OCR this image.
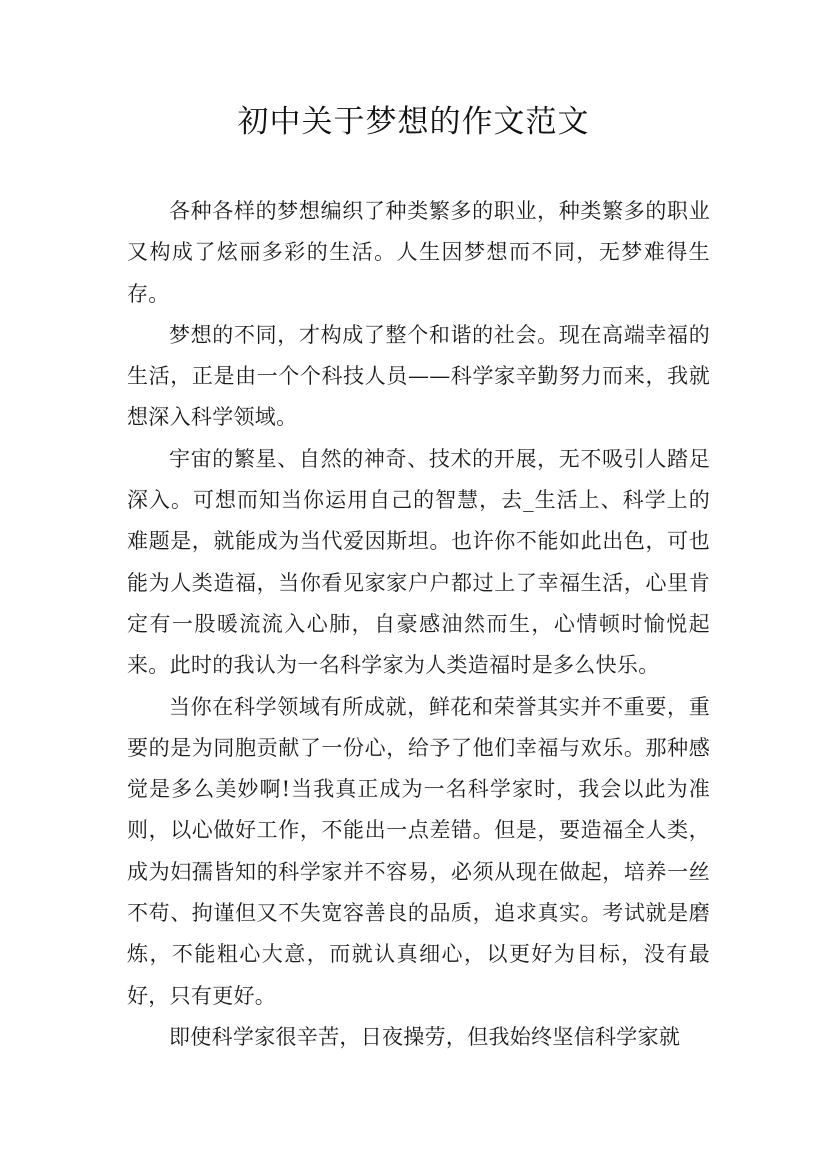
初中关于梦想的作文范文

各种各样的梦想编织了种类繁多的职业，种类繁多的职业又构成了炫丽多彩的生活。人生因梦想而不同，无梦难得生存。

梦想的不同，才构成了整个和谐的社会。现在高端幸福的生活，正是由一个个科技人员——科学家辛勤努力而来，我就想深入科学领域。

宇宙的繁星、自然的神奇、技术的开展，无不吸引人踏足深入。可想而知当你运用自己的智慧，去_生活上、科学上的难题是，就能成为当代爱因斯坦。也许你不能如此出色，可也能为人类造福，当你看见家家户户都过上了幸福生活，心里肯定有一股暖流流入心肺，自豪感油然而生，心情顿时愉悦起来。此时的我认为一名科学家为人类造福时是多么快乐。

当你在科学领域有所成就，鲜花和荣誉其实并不重要，重要的是为同胞贡献了一份心，给予了他们幸福与欢乐。那种感觉是多么美妙啊!当我真正成为一名科学家时，我会以此为准则，以心做好工作，不能出一点差错。但是，要造福全人类，成为妇孺皆知的科学家并不容易，必须从现在做起，培养一丝不苟、拘谨但又不失宽容善良的品质，追求真实。考试就是磨炼，不能粗心大意，而就认真细心，以更好为目标，没有最好，只有更好。

即使科学家很辛苦，日夜操劳，但我始终坚信科学家就
